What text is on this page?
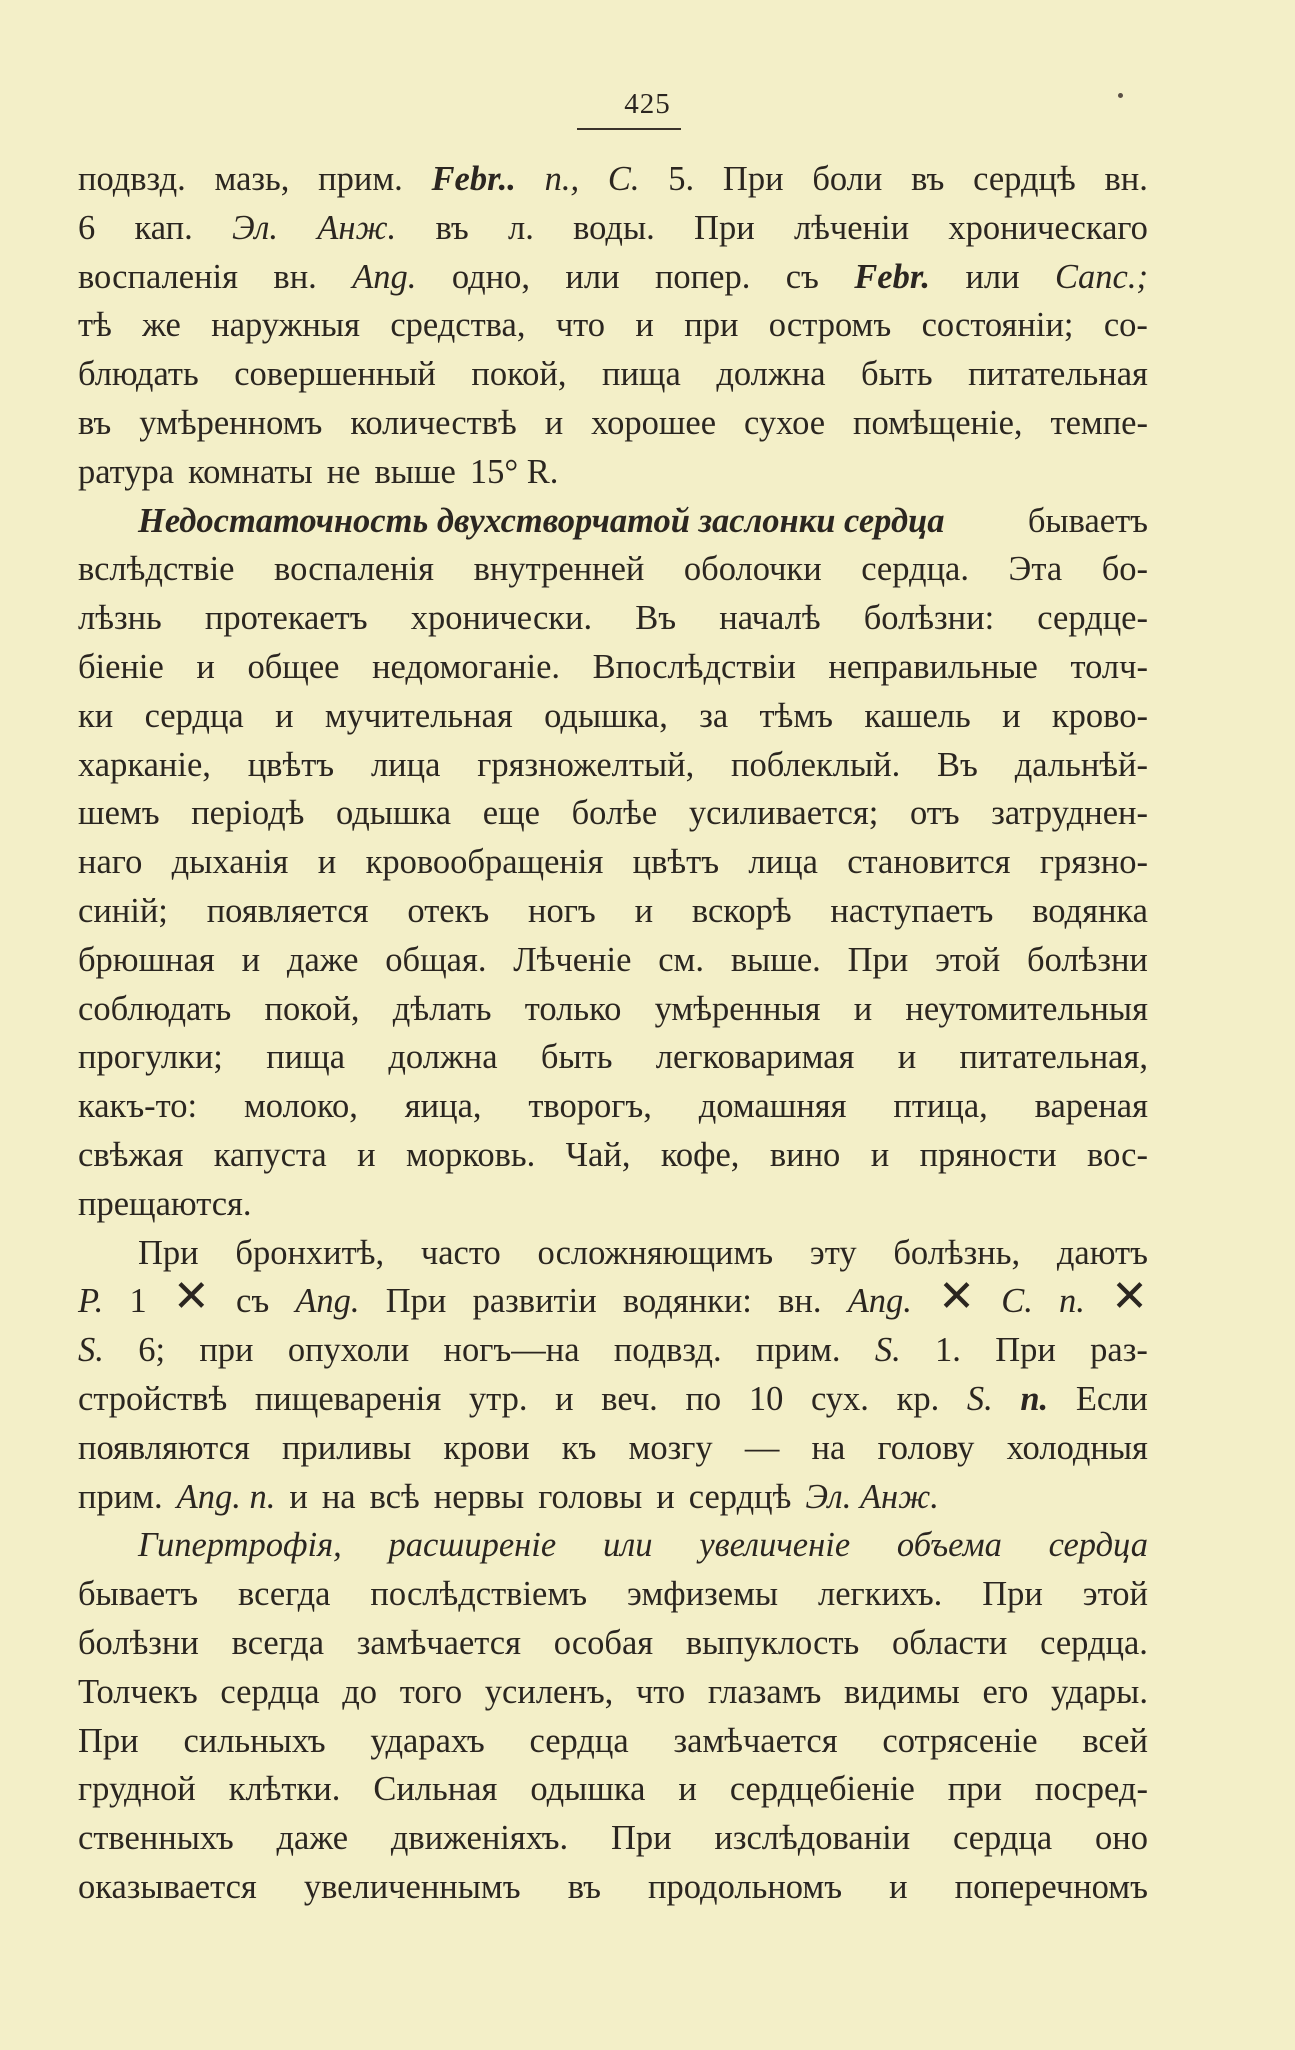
425
подвзд. мазь, прим. Febr.. n., C. 5. При боли въ сердцѣ вн.
6 кап. Эл. Анж. въ л. воды. При лѣченіи хроническаго
воспаленія вн. Ang. одно, или попер. съ Febr. или Canc.;
тѣ же наружныя средства, что и при остромъ состояніи; со-
блюдать совершенный покой, пища должна быть питательная
въ умѣренномъ количествѣ и хорошее сухое помѣщеніе, темпе-
ратура комнаты не выше 15° R.
Недостаточность двухстворчатой заслонки сердца бываетъ
вслѣдствіе воспаленія внутренней оболочки сердца. Эта бо-
лѣзнь протекаетъ хронически. Въ началѣ болѣзни: сердце-
біеніе и общее недомоганіе. Впослѣдствіи неправильные толч-
ки сердца и мучительная одышка, за тѣмъ кашель и крово-
харканіе, цвѣтъ лица грязножелтый, поблеклый. Въ дальнѣй-
шемъ періодѣ одышка еще болѣе усиливается; отъ затруднен-
наго дыханія и кровообращенія цвѣтъ лица становится грязно-
синій; появляется отекъ ногъ и вскорѣ наступаетъ водянка
брюшная и даже общая. Лѣченіе см. выше. При этой болѣзни
соблюдать покой, дѣлать только умѣренныя и неутомительныя
прогулки; пища должна быть легковаримая и питательная,
какъ-то: молоко, яица, творогъ, домашняя птица, вареная
свѣжая капуста и морковь. Чай, кофе, вино и пряности вос-
прещаются.
При бронхитѣ, часто осложняющимъ эту болѣзнь, даютъ
P. 1 ✕ съ Ang. При развитіи водянки: вн. Ang. ✕ C. n. ✕
S. 6; при опухоли ногъ—на подвзд. прим. S. 1. При раз-
стройствѣ пищеваренія утр. и веч. по 10 сух. кр. S. n. Если
появляются приливы крови къ мозгу — на голову холодныя
прим. Ang. n. и на всѣ нервы головы и сердцѣ Эл. Анж.
Гипертрофія, расширеніе или увеличеніе объема сердца
бываетъ всегда послѣдствіемъ эмфиземы легкихъ. При этой
болѣзни всегда замѣчается особая выпуклость области сердца.
Толчекъ сердца до того усиленъ, что глазамъ видимы его удары.
При сильныхъ ударахъ сердца замѣчается сотрясеніе всей
грудной клѣтки. Сильная одышка и сердцебіеніе при посред-
ственныхъ даже движеніяхъ. При изслѣдованіи сердца оно
оказывается увеличеннымъ въ продольномъ и поперечномъ
